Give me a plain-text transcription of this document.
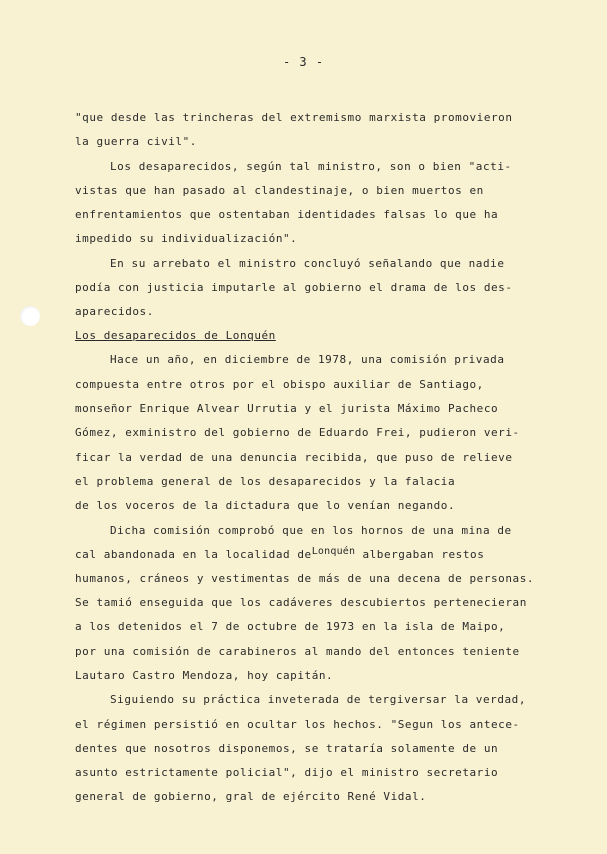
- 3 -
"que desde las trincheras del extremismo marxista promovieron
la guerra civil".
Los desaparecidos, según tal ministro, son o bien "acti-
vistas que han pasado al clandestinaje, o bien muertos en
enfrentamientos que ostentaban identidades falsas lo que ha
impedido su individualización".
En su arrebato el ministro concluyó señalando que nadie
podía con justicia imputarle al gobierno el drama de los des-
aparecidos.
Los desaparecidos de Lonquén
Hace un año, en diciembre de 1978, una comisión privada
compuesta entre otros por el obispo auxiliar de Santiago,
monseñor Enrique Alvear Urrutia y el jurista Máximo Pacheco
Gómez, exministro del gobierno de Eduardo Frei, pudieron veri-
ficar la verdad de una denuncia recibida, que puso de relieve
el problema general de los desaparecidos y la falacia
de los voceros de la dictadura que lo venían negando.
Dicha comisión comprobó que en los hornos de una mina de
cal abandonada en la localidad deLonquén albergaban restos
humanos, cráneos y vestimentas de más de una decena de personas.
Se tamió enseguida que los cadáveres descubiertos pertenecieran
a los detenidos el 7 de octubre de 1973 en la isla de Maipo,
por una comisión de carabineros al mando del entonces teniente
Lautaro Castro Mendoza, hoy capitán.
Siguiendo su práctica inveterada de tergiversar la verdad,
el régimen persistió en ocultar los hechos. "Segun los antece-
dentes que nosotros disponemos, se trataría solamente de un
asunto estrictamente policial", dijo el ministro secretario
general de gobierno, gral de ejército René Vidal.
